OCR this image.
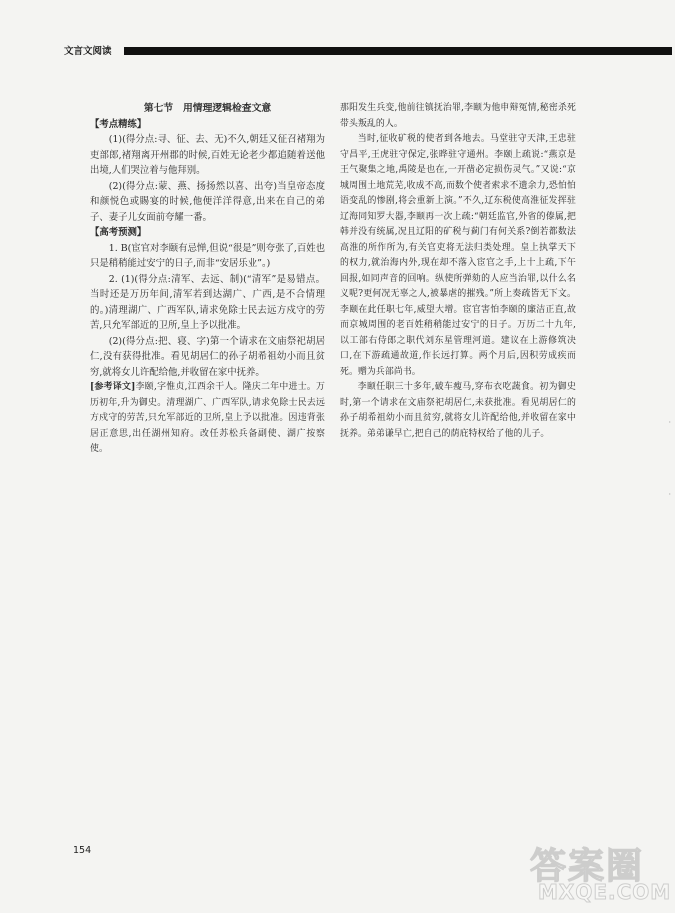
文言文阅读

第七节　用情理逻辑检查文意

【考点精练】

(1)(得分点:寻、征、去、无)不久,朝廷又征召褚翔为吏部郎,褚翔离开州郡的时候,百姓无论老少都追随着送他出境,人们哭泣着与他拜别。

(2)(得分点:蒙、燕、扬扬然以喜、出夸)当皇帝态度和颜悦色或賜宴的时候,他便洋洋得意,出来在自己的弟子、妻子儿女面前夸耀一番。

【高考预测】

1. B(宦官对李颐有忌惮,但说“很是”则夸张了,百姓也只是稍稍能过安宁的日子,而非“安居乐业”。)

2. (1)(得分点:清军、去远、制)(“清军”是易错点。当时还是万历年间,清军若到达湖广、广西,是不合情理的。)清理湖广、广西军队,请求免除士民去远方戍守的劳苦,只允军部近的卫所,皇上予以批准。

(2)(得分点:把、寝、字)第一个请求在文庙祭祀胡居仁,没有获得批准。看见胡居仁的孙子胡希祖幼小而且贫穷,就将女儿许配给他,并收留在家中抚养。

[参考译文]李颐,字惟贞,江西余干人。隆庆二年中进士。万历初年,升为御史。清理湖广、广西军队,请求免除士民去远方戍守的劳苦,只允军部近的卫所,皇上予以批准。因违背张居正意思,出任湖州知府。改任苏松兵备副使、湖广按察使。

那阳发生兵变,他前往镇抚治罪,李颐为他申辩冤情,秘密杀死带头叛乱的人。

当时,征收矿税的使者到各地去。马堂驻守天津,王忠驻守昌平,王虎驻守保定,张晔驻守通州。李颐上疏说:“燕京是王气聚集之地,禹陵是也在,一开凿必定损伤灵气。”又说:“京城周围土地荒芜,收成不高,而数个使者索求不遗余力,恐怕怕语变乱的惨剧,将会重新上演。”不久,辽东税使高淮征发挥驻辽海同知罗大器,李颐再一次上疏:“朝廷监官,外省的傣属,把韩并没有统属,况且辽阳的矿税与蓟门有何关系?倒若都数法高淮的所作所为,有关官吏将无法归类处理。皇上执掌天下的权力,就治海内外,现在却不落入宦官之手,上十上疏,下午回报,如同声音的回响。纵使所弹劾的人应当治罪,以什么名义呢?更何况无辜之人,被暴虐的摧残。”所上奏疏皆无下文。李颐在此任职七年,威望大增。宦官害怕李颐的廉洁正直,故而京城周围的老百姓稍稍能过安宁的日子。万历二十九年,以工部右侍郎之职代刘东星管理河道。建议在上游修筑决口,在下游疏通故道,作长远打算。两个月后,因积劳成疾而死。赠为兵部尚书。

李颐任职三十多年,破车瘦马,穿布衣吃蔬食。初为御史时,第一个请求在文庙祭祀胡居仁,未获批准。看见胡居仁的孙子胡希祖幼小而且贫穷,就将女儿许配给他,并收留在家中抚养。弟弟谦早亡,把自己的荫庇特权给了他的儿子。

154
·
·
答案圈
MXQE.COM
